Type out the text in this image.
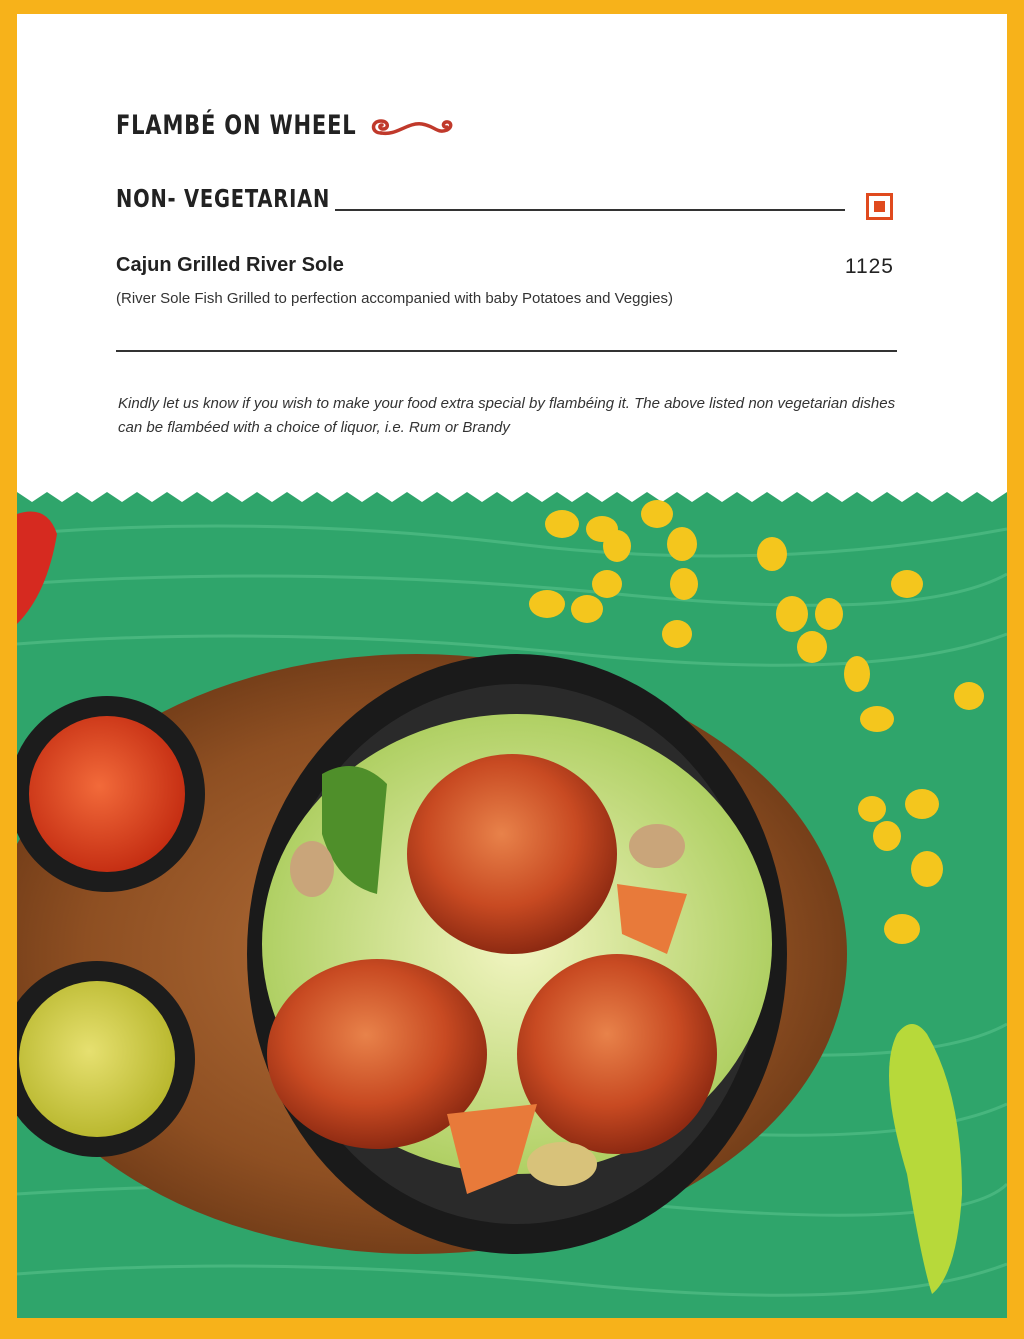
FLAMBÉ ON WHEEL
NON- VEGETARIAN
Cajun Grilled River Sole	1125
(River Sole Fish Grilled to perfection accompanied with baby Potatoes and Veggies)
Kindly let us know if you wish to make your food extra special by flambéing it. The above listed non vegetarian dishes can be flambéed with a choice of liquor, i.e. Rum or Brandy
